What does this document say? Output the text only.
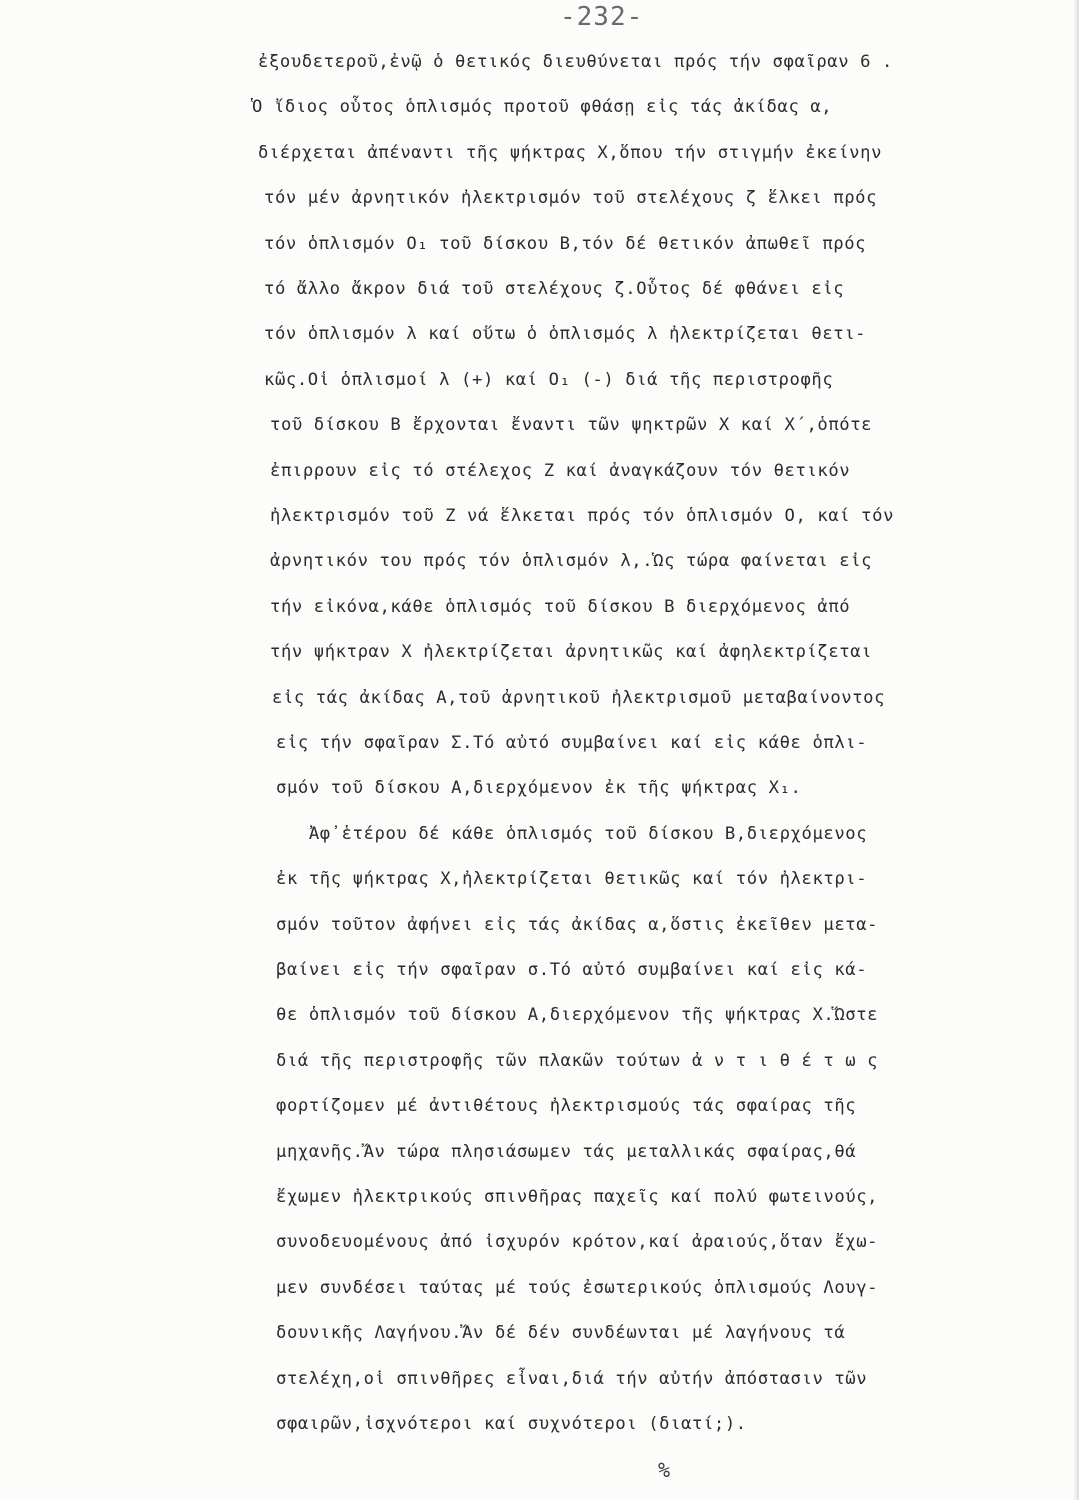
-232-
ἐξουδετεροῦ,ἐνῷ ὁ θετικός διευθύνεται πρός τήν σφαῖραν 6 .
Ὁ ἴδιος οὗτος ὁπλισμός προτοῦ φθάσῃ εἰς τάς ἀκίδας α,
διέρχεται ἀπέναντι τῆς ψήκτρας Χ,ὅπου τήν στιγμήν ἐκείνην
τόν μέν ἀρνητικόν ἠλεκτρισμόν τοῦ στελέχους ζ ἕλκει πρός
τόν ὁπλισμόν Ο₁ τοῦ δίσκου Β,τόν δέ θετικόν ἀπωθεῖ πρός
τό ἄλλο ἄκρον διά τοῦ στελέχους ζ.Οὗτος δέ φθάνει εἰς
τόν ὁπλισμόν λ καί οὕτω ὁ ὁπλισμός λ ἠλεκτρίζεται θετι-
κῶς.Οἱ ὁπλισμοί λ (+) καί Ο₁ (-) διά τῆς περιστροφῆς
τοῦ δίσκου Β ἔρχονται ἔναντι τῶν ψηκτρῶν Χ καί Χ΄,ὁπότε
ἐπιρρουν εἰς τό στέλεχος Ζ καί ἀναγκάζουν τόν θετικόν
ἠλεκτρισμόν τοῦ Ζ νά ἕλκεται πρός τόν ὁπλισμόν Ο, καί τόν
ἀρνητικόν του πρός τόν ὁπλισμόν λ,.Ὡς τώρα φαίνεται εἰς
τήν εἰκόνα,κάθε ὁπλισμός τοῦ δίσκου Β διερχόμενος ἀπό
τήν ψήκτραν Χ ἠλεκτρίζεται ἀρνητικῶς καί ἀφηλεκτρίζεται
εἰς τάς ἀκίδας Α,τοῦ ἀρνητικοῦ ἠλεκτρισμοῦ μεταβαίνοντος
εἰς τήν σφαῖραν Σ.Τό αὐτό συμβαίνει καί εἰς κάθε ὁπλι-
σμόν τοῦ δίσκου Α,διερχόμενον ἐκ τῆς ψήκτρας Χ₁.
Ἀφ᾿ἑτέρου δέ κάθε ὁπλισμός τοῦ δίσκου Β,διερχόμενος
ἐκ τῆς ψήκτρας Χ,ἠλεκτρίζεται θετικῶς καί τόν ἠλεκτρι-
σμόν τοῦτον ἀφήνει εἰς τάς ἀκίδας α,ὅστις ἐκεῖθεν μετα-
βαίνει εἰς τήν σφαῖραν σ.Τό αὐτό συμβαίνει καί εἰς κά-
θε ὁπλισμόν τοῦ δίσκου Α,διερχόμενον τῆς ψήκτρας Χ.Ὥστε
διά τῆς περιστροφῆς τῶν πλακῶν τούτων ἀ ν τ ι θ έ τ ω ς
φορτίζομεν μέ ἀντιθέτους ἠλεκτρισμούς τάς σφαίρας τῆς
μηχανῆς.Ἄν τώρα πλησιάσωμεν τάς μεταλλικάς σφαίρας,θά
ἔχωμεν ἠλεκτρικούς σπινθῆρας παχεῖς καί πολύ φωτεινούς,
συνοδευομένους ἀπό ἰσχυρόν κρότον,καί ἀραιούς,ὅταν ἔχω-
μεν συνδέσει ταύτας μέ τούς ἐσωτερικούς ὁπλισμούς Λουγ-
δουνικῆς Λαγήνου.Ἄν δέ δέν συνδέωνται μέ λαγήνους τά
στελέχη,οἱ σπινθῆρες εἶναι,διά τήν αὐτήν ἀπόστασιν τῶν
σφαιρῶν,ἰσχνότεροι καί συχνότεροι (διατί;).
%
